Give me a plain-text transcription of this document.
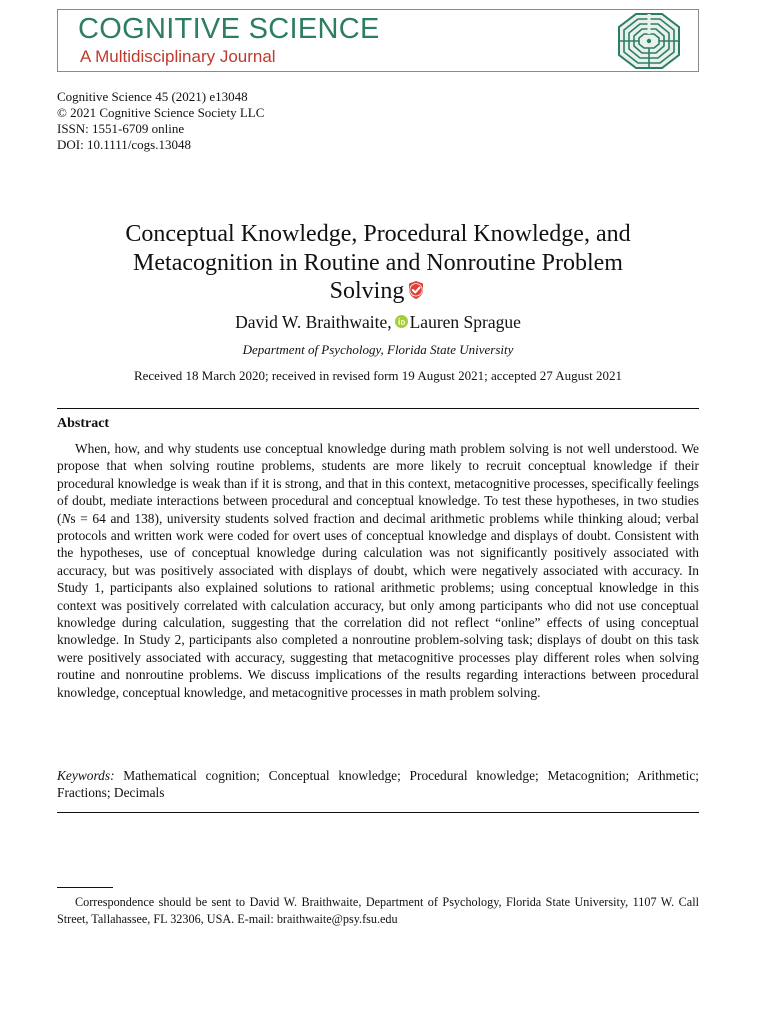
COGNITIVE SCIENCE
A Multidisciplinary Journal
Cognitive Science 45 (2021) e13048
© 2021 Cognitive Science Society LLC
ISSN: 1551-6709 online
DOI: 10.1111/cogs.13048
Conceptual Knowledge, Procedural Knowledge, and
Metacognition in Routine and Nonroutine Problem
Solving
David W. Braithwaite, Lauren Sprague
Department of Psychology, Florida State University
Received 18 March 2020; received in revised form 19 August 2021; accepted 27 August 2021
Abstract
When, how, and why students use conceptual knowledge during math problem solving is not well understood. We propose that when solving routine problems, students are more likely to recruit conceptual knowledge if their procedural knowledge is weak than if it is strong, and that in this context, metacognitive processes, specifically feelings of doubt, mediate interactions between procedural and conceptual knowledge. To test these hypotheses, in two studies (Ns = 64 and 138), university students solved fraction and decimal arithmetic problems while thinking aloud; verbal protocols and written work were coded for overt uses of conceptual knowledge and displays of doubt. Consistent with the hypotheses, use of conceptual knowledge during calculation was not significantly positively associated with accuracy, but was positively associated with displays of doubt, which were negatively associated with accuracy. In Study 1, participants also explained solutions to rational arithmetic problems; using conceptual knowledge in this context was positively correlated with calculation accuracy, but only among participants who did not use conceptual knowledge during calculation, suggesting that the correlation did not reflect “online” effects of using conceptual knowledge. In Study 2, participants also completed a nonroutine problem-solving task; displays of doubt on this task were positively associated with accuracy, suggesting that metacognitive processes play different roles when solving routine and nonroutine problems. We discuss implications of the results regarding interactions between procedural knowledge, conceptual knowledge, and metacognitive processes in math problem solving.
Keywords: Mathematical cognition; Conceptual knowledge; Procedural knowledge; Metacognition; Arithmetic; Fractions; Decimals
Correspondence should be sent to David W. Braithwaite, Department of Psychology, Florida State University, 1107 W. Call Street, Tallahassee, FL 32306, USA. E-mail: braithwaite@psy.fsu.edu
